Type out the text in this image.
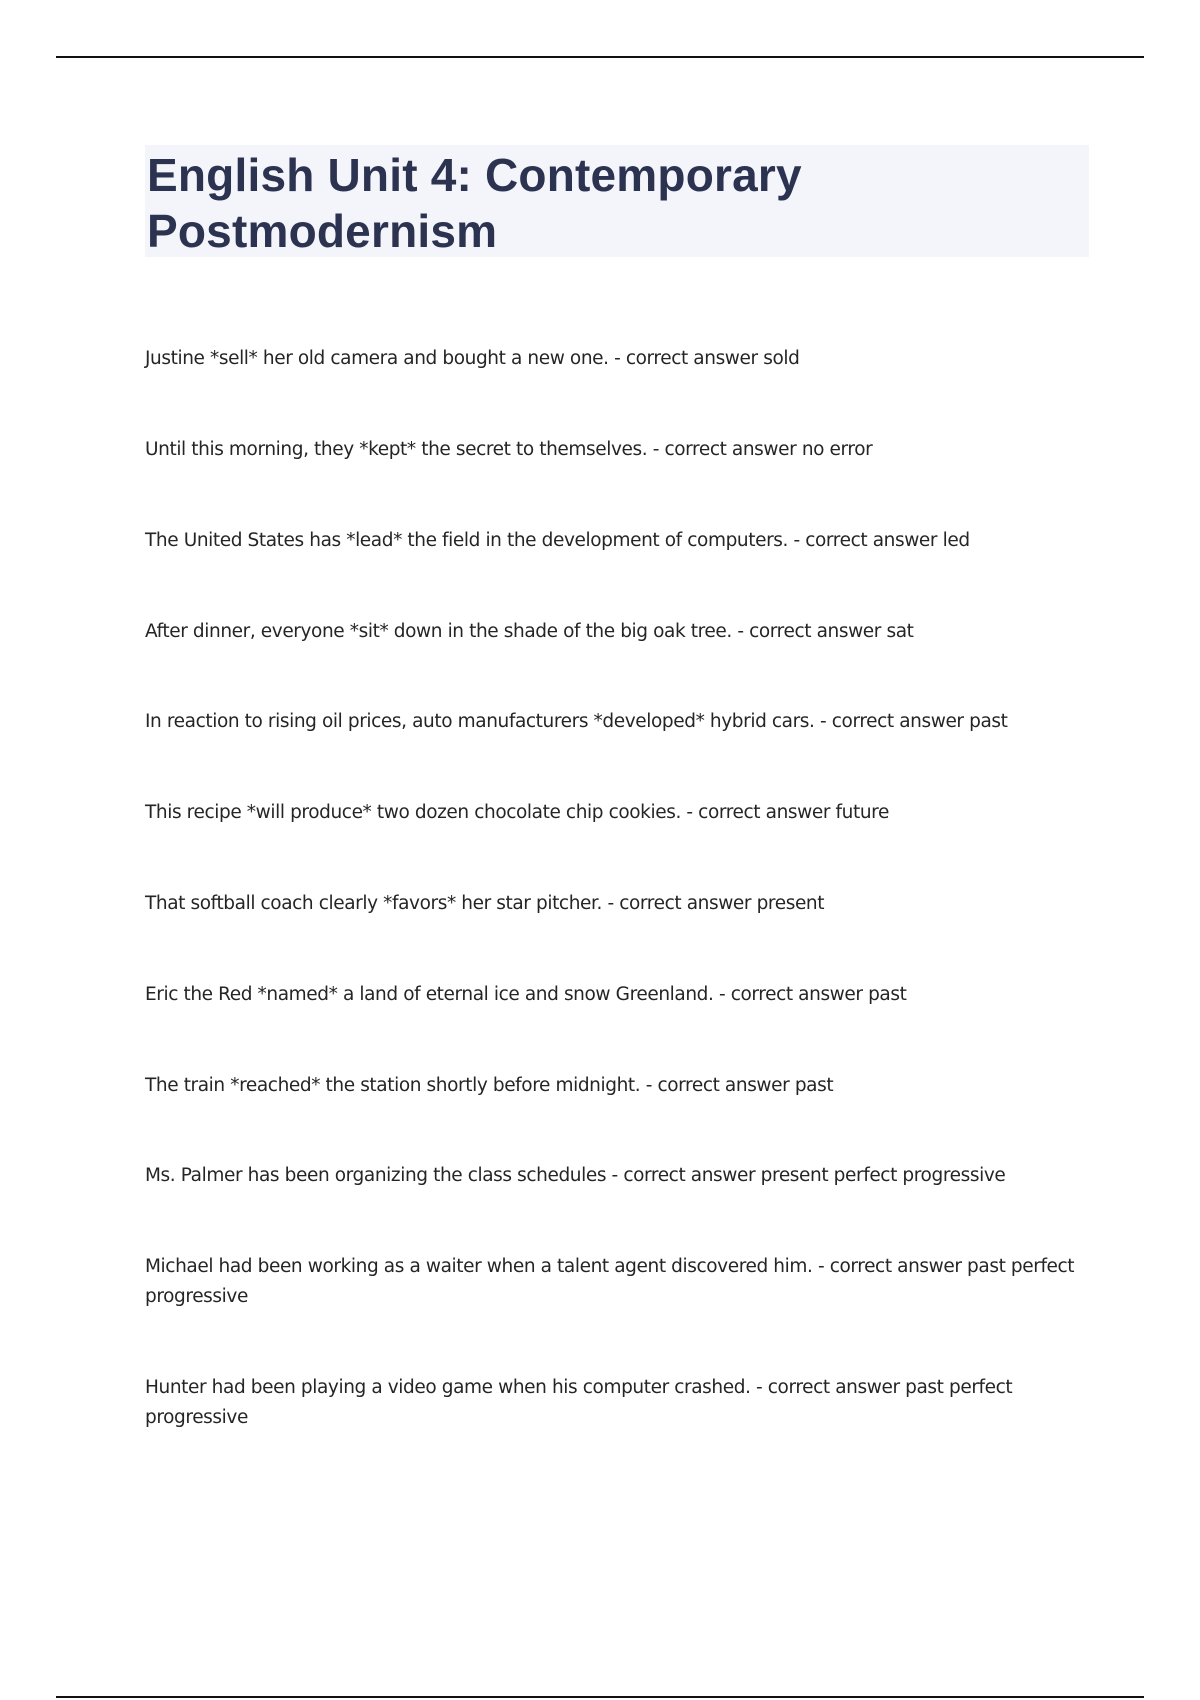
English Unit 4: Contemporary Postmodernism
Justine *sell* her old camera and bought a new one. - correct answer sold
Until this morning, they *kept* the secret to themselves. - correct answer no error
The United States has *lead* the field in the development of computers. - correct answer led
After dinner, everyone *sit* down in the shade of the big oak tree. - correct answer sat
In reaction to rising oil prices, auto manufacturers *developed* hybrid cars. - correct answer past
This recipe *will produce* two dozen chocolate chip cookies. - correct answer future
That softball coach clearly *favors* her star pitcher. - correct answer present
Eric the Red *named* a land of eternal ice and snow Greenland. - correct answer past
The train *reached* the station shortly before midnight. - correct answer past
Ms. Palmer has been organizing the class schedules - correct answer present perfect progressive
Michael had been working as a waiter when a talent agent discovered him. - correct answer past perfect progressive
Hunter had been playing a video game when his computer crashed. - correct answer past perfect progressive
